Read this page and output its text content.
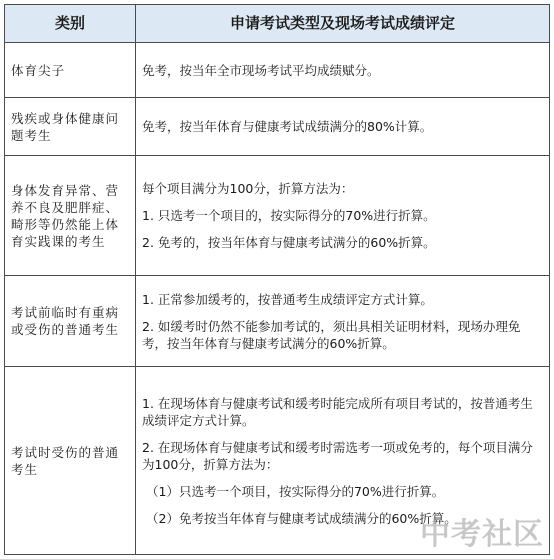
类别	申请考试类型及现场考试成绩评定
体育尖子	免考，按当年全市现场考试平均成绩赋分。

残疾或身体健康问题考生	免考，按当年体育与健康考试成绩满分的80%计算。

身体发育异常、营养不良及肥胖症、畸形等仍然能上体育实践课的考生	每个项目满分为100分，折算方法为：

1. 只选考一个项目的，按实际得分的70%进行折算。

2. 免考的，按当年体育与健康考试满分的60%折算。

考试前临时有重病或受伤的普通考生	1. 正常参加缓考的，按普通考生成绩评定方式计算。

2. 如缓考时仍然不能参加考试的，须出具相关证明材料，现场办理免考，按当年体育与健康考试满分的60%折算。

考试时受伤的普通考生	1. 在现场体育与健康考试和缓考时能完成所有项目考试的，按普通考生成绩评定方式计算。

2. 在现场体育与健康考试和缓考时需选考一项或免考的，每个项目满分为100分，折算方法为：

（1）只选考一个项目，按实际得分的70%进行折算。

（2）免考按当年体育与健康考试成绩满分的60%折算。

中考社区
